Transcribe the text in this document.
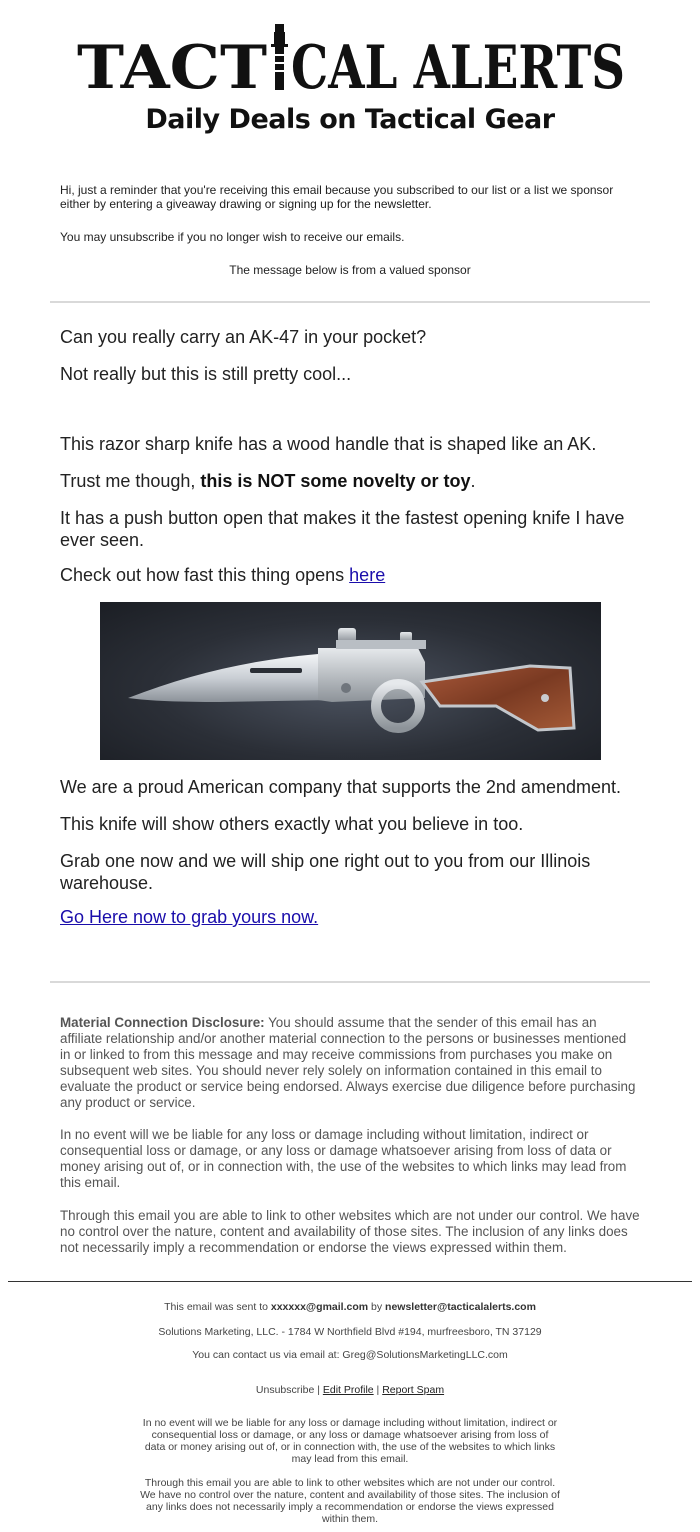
TACT CAL ALERTS
Daily Deals on Tactical Gear
Hi, just a reminder that you're receiving this email because you subscribed to our list or a list we sponsor either by entering a giveaway drawing or signing up for the newsletter.
You may unsubscribe if you no longer wish to receive our emails.
The message below is from a valued sponsor
Can you really carry an AK-47 in your pocket?
Not really but this is still pretty cool...
This razor sharp knife has a wood handle that is shaped like an AK.
Trust me though, this is NOT some novelty or toy.
It has a push button open that makes it the fastest opening knife I have ever seen.
Check out how fast this thing opens here
We are a proud American company that supports the 2nd amendment.
This knife will show others exactly what you believe in too.
Grab one now and we will ship one right out to you from our Illinois warehouse.
Go Here now to grab yours now.
Material Connection Disclosure: You should assume that the sender of this email has an affiliate relationship and/or another material connection to the persons or businesses mentioned in or linked to from this message and may receive commissions from purchases you make on subsequent web sites. You should never rely solely on information contained in this email to evaluate the product or service being endorsed. Always exercise due diligence before purchasing any product or service.
In no event will we be liable for any loss or damage including without limitation, indirect or consequential loss or damage, or any loss or damage whatsoever arising from loss of data or money arising out of, or in connection with, the use of the websites to which links may lead from this email.
Through this email you are able to link to other websites which are not under our control. We have no control over the nature, content and availability of those sites. The inclusion of any links does not necessarily imply a recommendation or endorse the views expressed within them.
This email was sent to xxxxxx@gmail.com by newsletter@tacticalalerts.com
Solutions Marketing, LLC. - 1784 W Northfield Blvd #194, murfreesboro, TN 37129
You can contact us via email at: Greg@SolutionsMarketingLLC.com
Unsubscribe | Edit Profile | Report Spam
In no event will we be liable for any loss or damage including without limitation, indirect or consequential loss or damage, or any loss or damage whatsoever arising from loss of data or money arising out of, or in connection with, the use of the websites to which links may lead from this email.
Through this email you are able to link to other websites which are not under our control. We have no control over the nature, content and availability of those sites. The inclusion of any links does not necessarily imply a recommendation or endorse the views expressed within them.
